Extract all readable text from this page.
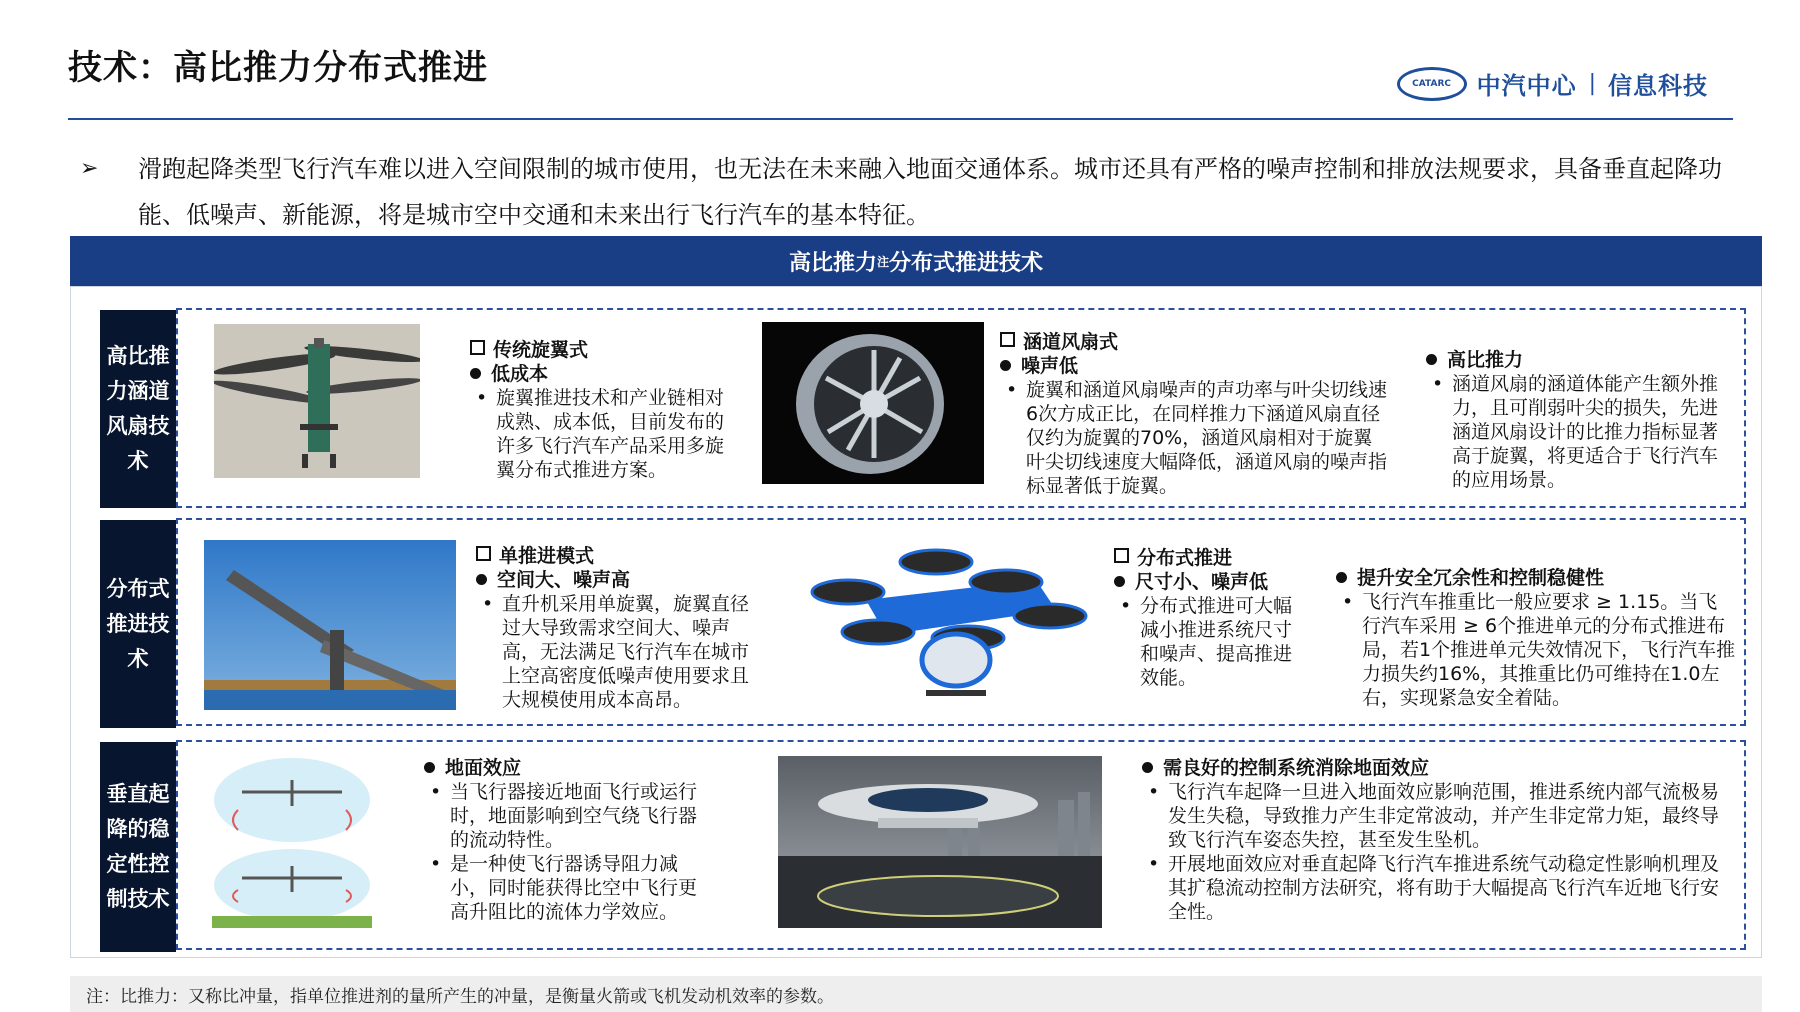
技术：高比推力分布式推进	CATARC	中汽中心 | 信息科技
➢	滑跑起降类型飞行汽车难以进入空间限制的城市使用，也无法在未来融入地面交通体系。城市还具有严格的噪声控制和排放法规要求，具备垂直起降功能、低噪声、新能源，将是城市空中交通和未来出行飞行汽车的基本特征。
高比推力 注 分布式推进技术
高比推力涵道风扇技术
传统旋翼式
低成本
• 旋翼推进技术和产业链相对成熟、成本低，目前发布的许多飞行汽车产品采用多旋翼分布式推进方案。
涵道风扇式
噪声低
• 旋翼和涵道风扇噪声的声功率与叶尖切线速6次方成正比，在同样推力下涵道风扇直径仅约为旋翼的70%，涵道风扇相对于旋翼叶尖切线速度大幅降低，涵道风扇的噪声指标显著低于旋翼。
高比推力
• 涵道风扇的涵道体能产生额外推力，且可削弱叶尖的损失，先进涵道风扇设计的比推力指标显著高于旋翼，将更适合于飞行汽车的应用场景。
分布式推进技术
单推进模式
空间大、噪声高
• 直升机采用单旋翼，旋翼直径过大导致需求空间大、噪声高，无法满足飞行汽车在城市上空高密度低噪声使用要求且大规模使用成本高昂。
分布式推进
尺寸小、噪声低
• 分布式推进可大幅减小推进系统尺寸和噪声、提高推进效能。
提升安全冗余性和控制稳健性
• 飞行汽车推重比一般应要求 ≥ 1.15。当飞行汽车采用 ≥ 6个推进单元的分布式推进布局，若1个推进单元失效情况下，飞行汽车推力损失约16%，其推重比仍可维持在1.0左右，实现紧急安全着陆。
垂直起降的稳定性控制技术
地面效应
• 当飞行器接近地面飞行或运行时，地面影响到空气绕飞行器的流动特性。
• 是一种使飞行器诱导阻力减小，同时能获得比空中飞行更高升阻比的流体力学效应。
需良好的控制系统消除地面效应
• 飞行汽车起降一旦进入地面效应影响范围，推进系统内部气流极易发生失稳，导致推力产生非定常波动，并产生非定常力矩，最终导致飞行汽车姿态失控，甚至发生坠机。
• 开展地面效应对垂直起降飞行汽车推进系统气动稳定性影响机理及其扩稳流动控制方法研究，将有助于大幅提高飞行汽车近地飞行安全性。
注：比推力：又称比冲量，指单位推进剂的量所产生的冲量，是衡量火箭或飞机发动机效率的参数。
